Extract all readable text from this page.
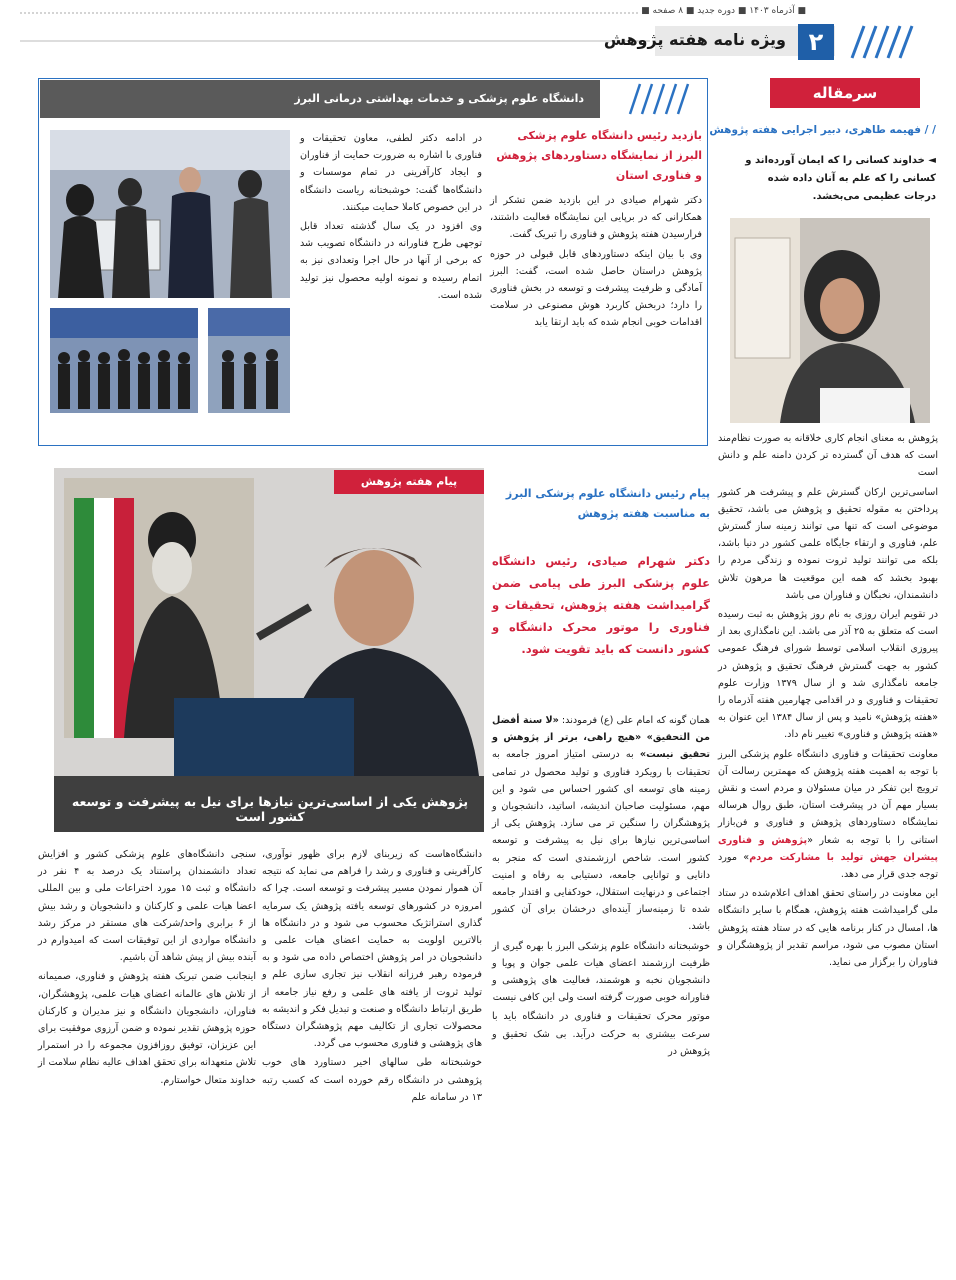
■ آذرماه ۱۴۰۳ ■ دوره جدید ■ ۸ صفحه ■
ویژه نامه هفته پژوهش ۲
سرمقاله
/ / فهیمه طاهری، دبیر اجرایی هفته پژوهش
◄ خداوند کسانی را که ایمان آورده‌اند و کسانی را که علم به آنان داده شده درجات عظیمی می‌بخشد.

پژوهش به معنای انجام کاری خلاقانه به صورت نظام‌مند است که هدف آن گسترده تر کردن دامنه علم و دانش است

اساسی‌ترین ارکان گسترش علم و پیشرفت هر کشور پرداختن به مقوله تحقیق و پژوهش می باشد، تحقیق موضوعی است که تنها می توانند زمینه ساز گسترش علم، فناوری و ارتقاء جایگاه علمی کشور در دنیا باشد، بلکه می توانند تولید ثروت نموده و زندگی مردم را بهبود بخشد که همه این موقعیت ها مرهون تلاش دانشمندان، نخبگان و فناوران می باشد

در تقویم ایران روزی به نام روز پژوهش به ثبت رسیده است که متعلق به ۲۵ آذر می باشد. این نامگذاری بعد از پیروزی انقلاب اسلامی توسط شورای فرهنگ عمومی کشور به جهت گسترش فرهنگ تحقیق و پژوهش در جامعه نامگذاری شد و از سال ۱۳۷۹ وزارت علوم تحقیقات و فناوری و در اقدامی چهارمین هفته آذرماه را «هفته پژوهش» نامید و پس از سال ۱۳۸۴ این عنوان به «هفته پژوهش و فناوری» تغییر نام داد.

معاونت تحقیقات و فناوری دانشگاه علوم پزشکی البرز با توجه به اهمیت هفته پژوهش که مهمترین رسالت آن ترویج این تفکر در میان مسئولان و مردم است و نقش بسیار مهم آن در پیشرفت استان، طبق روال هرساله نمایشگاه دستاوردهای پژوهش و فناوری و فن‌بازار استانی را با توجه به شعار «پژوهش و فناوری پیشران جهش تولید با مشارکت مردم» مورد توجه جدی قرار می دهد.

این معاونت در راستای تحقق اهداف اعلام‌شده در ستاد ملی گرامیداشت هفته پژوهش، همگام با سایر دانشگاه ها، امسال در کنار برنامه هایی که در ستاد هفته پژوهش استان مصوب می شود، مراسم تقدیر از پژوهشگران و فناوران را برگزار می نماید.

دانشگاه علوم پزشکی و خدمات بهداشتی درمانی البرز
بازدید رئیس دانشگاه علوم پزشکی البرز از نمایشگاه دستاوردهای پژوهش و فناوری استان

دکتر شهرام صیادی در این بازدید ضمن تشکر از همکارانی که در برپایی این نمایشگاه فعالیت داشتند، فرارسیدن هفته پژوهش و فناوری را تبریک گفت.

وی با بیان اینکه دستاوردهای قابل قبولی در حوزه پژوهش دراستان حاصل شده است، گفت: البرز آمادگی و ظرفیت پیشرفت و توسعه در بخش فناوری را دارد؛ دربخش کاربرد هوش مصنوعی در سلامت اقدامات خوبی انجام شده که باید ارتقا یابد

در ادامه دکتر لطفی، معاون تحقیقات و فناوری با اشاره به ضرورت حمایت از فناوران و ایجاد کارآفرینی در تمام موسسات و دانشگاه‌ها گفت: خوشبختانه ریاست دانشگاه در این خصوص کاملا حمایت میکنند.

وی افزود در یک سال گذشته تعداد قابل توجهی طرح فناورانه در دانشگاه تصویب شد که برخی از آنها در حال اجرا وتعدادی نیز به اتمام رسیده و نمونه اولیه محصول نیز تولید شده است.

پیام هفته پژوهش
پژوهش یکی از اساسی‌ترین نیازها برای نیل به پیشرفت و توسعه کشور است
پیام رئیس دانشگاه علوم پزشکی البرز به مناسبت هفته پژوهش
دکتر شهرام صیادی، رئیس دانشگاه علوم پزشکی البرز طی پیامی ضمن گرامیداشت هفته پژوهش، تحقیقات و فناوری را موتور محرک دانشگاه و کشور دانست که باید تقویت شود.

همان گونه که امام علی (ع) فرمودند: «لا سنة أفضل من التحقیق» «هیچ راهی، برتر از پژوهش و تحقیق نیست» به درستی امتیاز امروز جامعه به تحقیقات با رویکرد فناوری و تولید محصول در تمامی زمینه های توسعه ای کشور احساس می شود و این مهم، مسئولیت صاحبان اندیشه، اساتید، دانشجویان و پژوهشگران را سنگین تر می سازد. پژوهش یکی از اساسی‌ترین نیازها برای نیل به پیشرفت و توسعه کشور است. شاخص ارزشمندی است که منجر به دانایی و توانایی جامعه، دستیابی به رفاه و امنیت اجتماعی و درنهایت استقلال، خودکفایی و اقتدار جامعه شده تا زمینه‌ساز آینده‌ای درخشان برای آن کشور باشد.

خوشبختانه دانشگاه علوم پزشکی البرز با بهره گیری از ظرفیت ارزشمند اعضای هیات علمی جوان و پویا و دانشجویان نخبه و هوشمند، فعالیت های پژوهشی و فناورانه خوبی صورت گرفته است ولی این کافی نیست

موتور محرک تحقیقات و فناوری در دانشگاه باید با سرعت بیشتری به حرکت درآید. بی شک تحقیق و پژوهش در

دانشگاه‌هاست که زیربنای لازم برای ظهور نوآوری، کارآفرینی و فناوری و رشد را فراهم می نماید که نتیجه آن هموار نمودن مسیر پیشرفت و توسعه است. چرا که امروزه در کشورهای توسعه یافته پژوهش یک سرمایه گذاری استراتژیک محسوب می شود و در دانشگاه ها بالاترین اولویت به حمایت اعضای هیات علمی و دانشجویان در امر پژوهش اختصاص داده می شود و به فرموده رهبر فرزانه انقلاب نیز تجاری سازی علم و تولید ثروت از یافته های علمی و رفع نیاز جامعه از طریق ارتباط دانشگاه و صنعت و تبدیل فکر و اندیشه به محصولات تجاری از تکالیف مهم پژوهشگران دستگاه های پژوهشی و فناوری محسوب می گردد.

خوشبختانه طی سالهای اخیر دستاورد های خوب پژوهشی در دانشگاه رقم خورده است که کسب رتبه ۱۳ در سامانه علم

سنجی دانشگاه‌های علوم پزشکی کشور و افزایش تعداد دانشمندان پراستناد یک درصد به ۴ نفر در دانشگاه و ثبت ۱۵ مورد اختراعات ملی و بین المللی اعضا هیات علمی و کارکنان و دانشجویان و رشد بیش از ۶ برابری واحد/شرکت های مستقر در مرکز رشد دانشگاه مواردی از این توفیقات است که امیدوارم در آینده بیش از پیش شاهد آن باشیم.

اینجانب ضمن تبریک هفته پژوهش و فناوری، صمیمانه از تلاش های عالمانه اعضای هیات علمی، پژوهشگران، فناوران، دانشجویان دانشگاه و نیز مدیران و کارکنان حوزه پژوهش تقدیر نموده و ضمن آرزوی موفقیت برای این عزیزان، توفیق روزافزون مجموعه را در استمرار تلاش متعهدانه برای تحقق اهداف عالیه نظام سلامت از خداوند متعال خواستارم.
